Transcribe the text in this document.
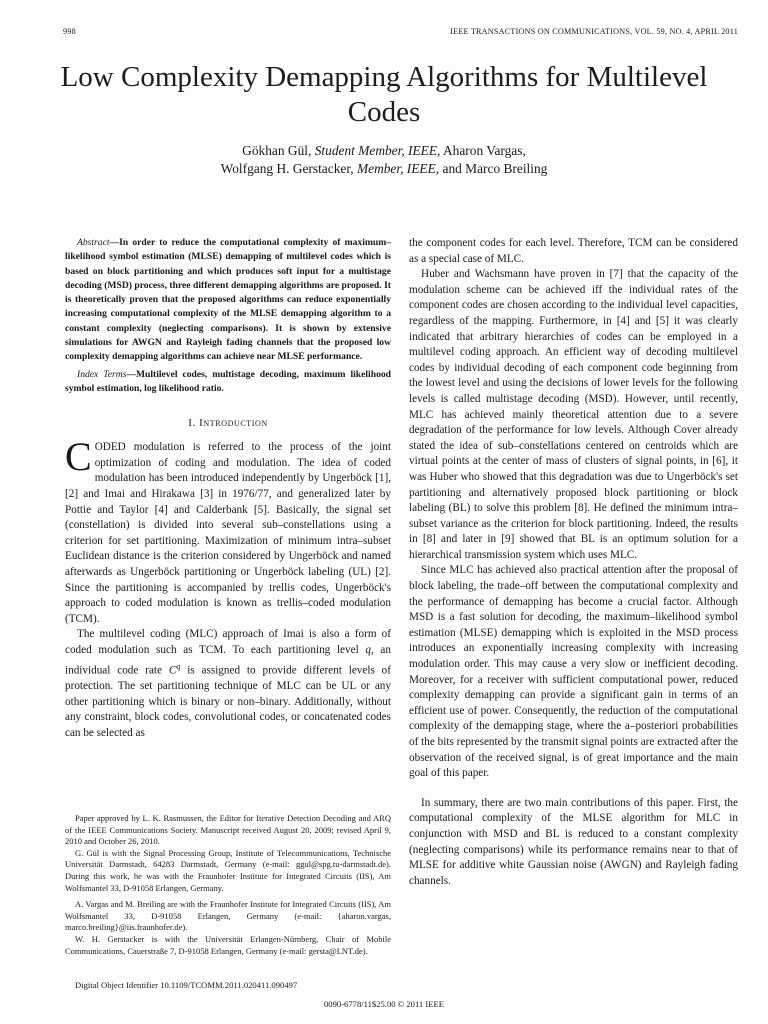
998	IEEE TRANSACTIONS ON COMMUNICATIONS, VOL. 59, NO. 4, APRIL 2011
Low Complexity Demapping Algorithms for Multilevel Codes
Gökhan Gül, Student Member, IEEE, Aharon Vargas,
Wolfgang H. Gerstacker, Member, IEEE, and Marco Breiling

Abstract—In order to reduce the computational complexity of maximum–likelihood symbol estimation (MLSE) demapping of multilevel codes which is based on block partitioning and which produces soft input for a multistage decoding (MSD) process, three different demapping algorithms are proposed. It is theoretically proven that the proposed algorithms can reduce exponentially increasing computational complexity of the MLSE demapping algorithm to a constant complexity (neglecting comparisons). It is shown by extensive simulations for AWGN and Rayleigh fading channels that the proposed low complexity demapping algorithms can achieve near MLSE performance.

Index Terms—Multilevel codes, multistage decoding, maximum likelihood symbol estimation, log likelihood ratio.

I. Introduction

CODED modulation is referred to the process of the joint optimization of coding and modulation. The idea of coded modulation has been introduced independently by Ungerböck [1], [2] and Imai and Hirakawa [3] in 1976/77, and generalized later by Pottie and Taylor [4] and Calderbank [5]. Basically, the signal set (constellation) is divided into several sub–constellations using a criterion for set partitioning. Maximization of minimum intra–subset Euclidean distance is the criterion considered by Ungerböck and named afterwards as Ungerböck partitioning or Ungerböck labeling (UL) [2]. Since the partitioning is accompanied by trellis codes, Ungerböck's approach to coded modulation is known as trellis–coded modulation (TCM).

The multilevel coding (MLC) approach of Imai is also a form of coded modulation such as TCM. To each partitioning level q, an individual code rate $C^q$ is assigned to provide different levels of protection. The set partitioning technique of MLC can be UL or any other partitioning which is binary or non–binary. Additionally, without any constraint, block codes, convolutional codes, or concatenated codes can be selected as

Paper approved by L. K. Rasmussen, the Editor for Iterative Detection Decoding and ARQ of the IEEE Communications Society. Manuscript received August 20, 2009; revised April 9, 2010 and October 26, 2010.

G. Gül is with the Signal Processing Group, Institute of Telecommunications, Technische Universität Darmstadt, 64283 Darmstadt, Germany (e-mail: ggul@spg.tu-darmstadt.de). During this work, he was with the Fraunhofer Institute for Integrated Circuits (IIS), Am Wolfsmantel 33, D-91058 Erlangen, Germany.

A. Vargas and M. Breiling are with the Fraunhofer Institute for Integrated Circuits (IIS), Am Wolfsmantel 33, D-91058 Erlangen, Germany (e-mail: {aharon.vargas, marco.breiling}@iis.fraunhofer.de).

W. H. Gerstacker is with the Universität Erlangen-Nürnberg, Chair of Mobile Communications, Cauerstraße 7, D-91058 Erlangen, Germany (e-mail: gersta@LNT.de).

Digital Object Identifier 10.1109/TCOMM.2011.020411.090497

the component codes for each level. Therefore, TCM can be considered as a special case of MLC.

Huber and Wachsmann have proven in [7] that the capacity of the modulation scheme can be achieved iff the individual rates of the component codes are chosen according to the individual level capacities, regardless of the mapping. Furthermore, in [4] and [5] it was clearly indicated that arbitrary hierarchies of codes can be employed in a multilevel coding approach. An efficient way of decoding multilevel codes by individual decoding of each component code beginning from the lowest level and using the decisions of lower levels for the following levels is called multistage decoding (MSD). However, until recently, MLC has achieved mainly theoretical attention due to a severe degradation of the performance for low levels. Although Cover already stated the idea of sub–constellations centered on centroids which are virtual points at the center of mass of clusters of signal points, in [6], it was Huber who showed that this degradation was due to Ungerböck's set partitioning and alternatively proposed block partitioning or block labeling (BL) to solve this problem [8]. He defined the minimum intra–subset variance as the criterion for block partitioning. Indeed, the results in [8] and later in [9] showed that BL is an optimum solution for a hierarchical transmission system which uses MLC.

Since MLC has achieved also practical attention after the proposal of block labeling, the trade–off between the computational complexity and the performance of demapping has become a crucial factor. Although MSD is a fast solution for decoding, the maximum–likelihood symbol estimation (MLSE) demapping which is exploited in the MSD process introduces an exponentially increasing complexity with increasing modulation order. This may cause a very slow or inefficient decoding. Moreover, for a receiver with sufficient computational power, reduced complexity demapping can provide a significant gain in terms of an efficient use of power. Consequently, the reduction of the computational complexity of the demapping stage, where the a–posteriori probabilities of the bits represented by the transmit signal points are extracted after the observation of the received signal, is of great importance and the main goal of this paper.

In summary, there are two main contributions of this paper. First, the computational complexity of the MLSE algorithm for MLC in conjunction with MSD and BL is reduced to a constant complexity (neglecting comparisons) while its performance remains near to that of MLSE for additive white Gaussian noise (AWGN) and Rayleigh fading channels.

0090-6778/11$25.00 © 2011 IEEE
